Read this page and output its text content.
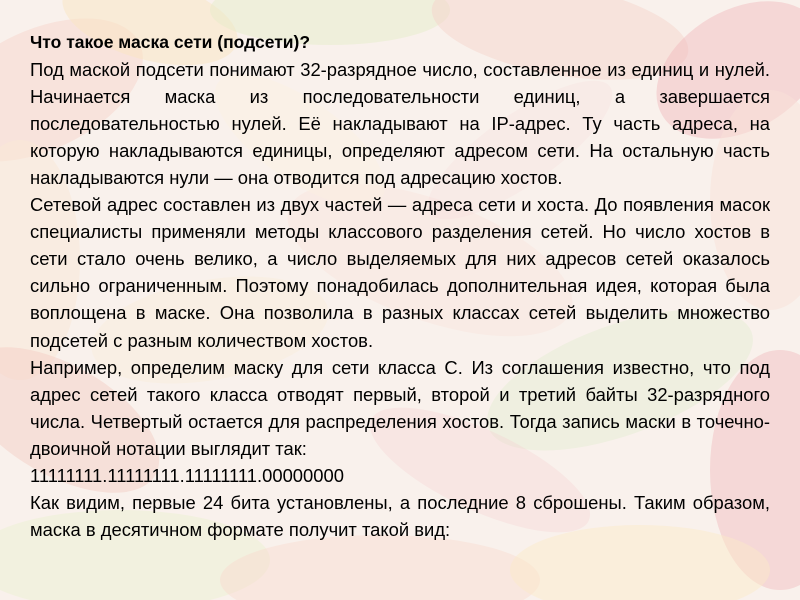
Что такое маска сети (подсети)?

Под маской подсети понимают 32-разрядное число, составленное из единиц и нулей. Начинается маска из последовательности единиц, а завершается последовательностью нулей. Её накладывают на IP-адрес. Ту часть адреса, на которую накладываются единицы, определяют адресом сети. На остальную часть накладываются нули — она отводится под адресацию хостов.

Сетевой адрес составлен из двух частей — адреса сети и хоста. До появления масок специалисты применяли методы классового разделения сетей. Но число хостов в сети стало очень велико, а число выделяемых для них адресов сетей оказалось сильно ограниченным. Поэтому понадобилась дополнительная идея, которая была воплощена в маске. Она позволила в разных классах сетей выделить множество подсетей с разным количеством хостов.

Например, определим маску для сети класса С. Из соглашения известно, что под адрес сетей такого класса отводят первый, второй и третий байты 32-разрядного числа. Четвертый остается для распределения хостов. Тогда запись маски в точечно-двоичной нотации выглядит так:

11111111.11111111.11111111.00000000

Как видим, первые 24 бита установлены, а последние 8 сброшены. Таким образом, маска в десятичном формате получит такой вид:
